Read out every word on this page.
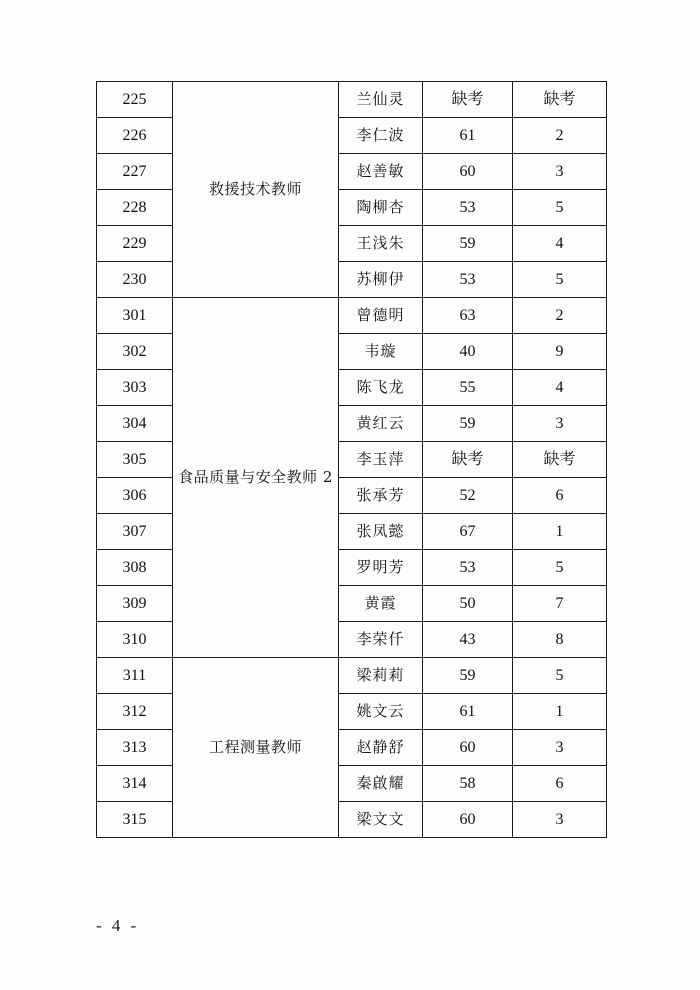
225	救援技术教师	兰仙灵	缺考	缺考
226		李仁波	61	2
227		赵善敏	60	3
228		陶柳杏	53	5
229		王浅朱	59	4
230		苏柳伊	53	5
301	食品质量与安全教师 2	曾德明	63	2
302		韦璇	40	9
303		陈飞龙	55	4
304		黄红云	59	3
305		李玉萍	缺考	缺考
306		张承芳	52	6
307		张凤懿	67	1
308		罗明芳	53	5
309		黄霞	50	7
310		李荣仟	43	8
311	工程测量教师	梁莉莉	59	5
312		姚文云	61	1
313		赵静舒	60	3
314		秦啟耀	58	6
315		梁文文	60	3
- 4 -
